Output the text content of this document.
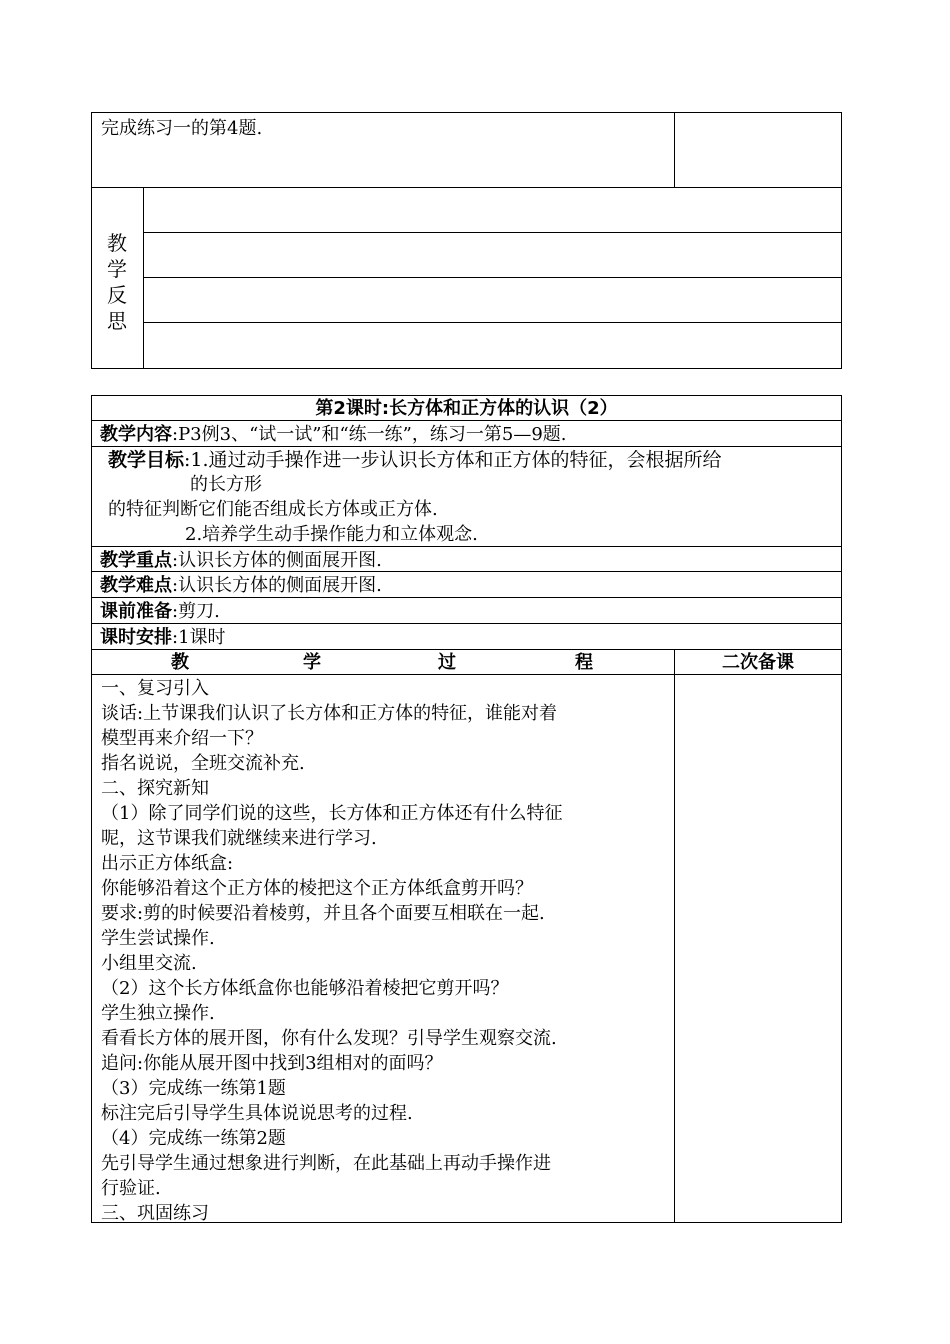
完成练习一的第4题.
教
学
反
思
第2课时:长方体和正方体的认识（2）
教学内容:P3例3、“试一试”和“练一练”，练习一第5—9题.
教学目标:1.通过动手操作进一步认识长方体和正方体的特征，会根据所给
的长方形
的特征判断它们能否组成长方体或正方体.
2.培养学生动手操作能力和立体观念.
教学重点:认识长方体的侧面展开图.
教学难点:认识长方体的侧面展开图.
课前准备:剪刀.
课时安排:1课时
教	学	过	程	二次备课
一、复习引入
谈话:上节课我们认识了长方体和正方体的特征，谁能对着
模型再来介绍一下？
指名说说，全班交流补充.
二、探究新知
（1）除了同学们说的这些，长方体和正方体还有什么特征
呢，这节课我们就继续来进行学习.
出示正方体纸盒:
你能够沿着这个正方体的棱把这个正方体纸盒剪开吗？
要求:剪的时候要沿着棱剪，并且各个面要互相联在一起.
学生尝试操作.
小组里交流.
（2）这个长方体纸盒你也能够沿着棱把它剪开吗？
学生独立操作.
看看长方体的展开图，你有什么发现？引导学生观察交流.
追问:你能从展开图中找到3组相对的面吗？
（3）完成练一练第1题
标注完后引导学生具体说说思考的过程.
（4）完成练一练第2题
先引导学生通过想象进行判断，在此基础上再动手操作进
行验证.
三、巩固练习
